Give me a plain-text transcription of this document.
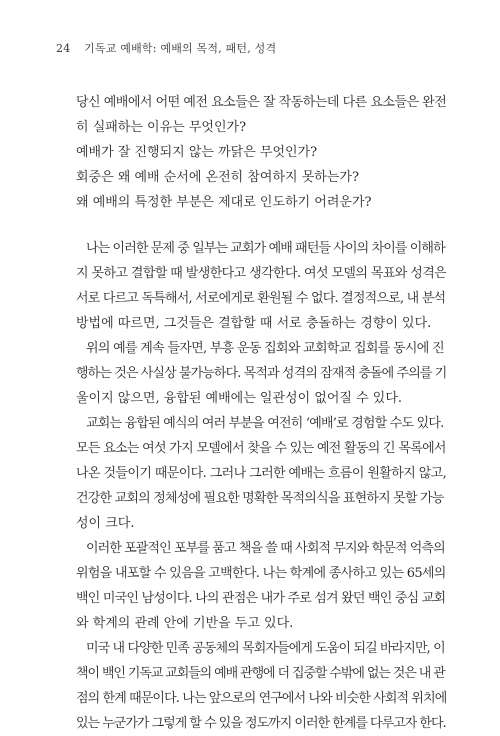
24 기독교 예배학: 예배의 목적, 패턴, 성격

당신 예배에서 어떤 예전 요소들은 잘 작동하는데 다른 요소들은 완전

히 실패하는 이유는 무엇인가?

예배가 잘 진행되지 않는 까닭은 무엇인가?

회중은 왜 예배 순서에 온전히 참여하지 못하는가?

왜 예배의 특정한 부분은 제대로 인도하기 어려운가?

나는 이러한 문제 중 일부는 교회가 예배 패턴들 사이의 차이를 이해하

지 못하고 결합할 때 발생한다고 생각한다. 여섯 모델의 목표와 성격은

서로 다르고 독특해서, 서로에게로 환원될 수 없다. 결정적으로, 내 분석

방법에 따르면, 그것들은 결합할 때 서로 충돌하는 경향이 있다.

위의 예를 계속 들자면, 부흥 운동 집회와 교회학교 집회를 동시에 진

행하는 것은 사실상 불가능하다. 목적과 성격의 잠재적 충돌에 주의를 기

울이지 않으면, 융합된 예배에는 일관성이 없어질 수 있다.

교회는 융합된 예식의 여러 부분을 여전히 ‘예배’로 경험할 수도 있다.

모든 요소는 여섯 가지 모델에서 찾을 수 있는 예전 활동의 긴 목록에서

나온 것들이기 때문이다. 그러나 그러한 예배는 흐름이 원활하지 않고,

건강한 교회의 정체성에 필요한 명확한 목적의식을 표현하지 못할 가능

성이 크다.

이러한 포괄적인 포부를 품고 책을 쓸 때 사회적 무지와 학문적 억측의

위험을 내포할 수 있음을 고백한다. 나는 학계에 종사하고 있는 65세의

백인 미국인 남성이다. 나의 관점은 내가 주로 섬겨 왔던 백인 중심 교회

와 학계의 관례 안에 기반을 두고 있다.

미국 내 다양한 민족 공동체의 목회자들에게 도움이 되길 바라지만, 이

책이 백인 기독교 교회들의 예배 관행에 더 집중할 수밖에 없는 것은 내 관

점의 한계 때문이다. 나는 앞으로의 연구에서 나와 비슷한 사회적 위치에

있는 누군가가 그렇게 할 수 있을 정도까지 이러한 한계를 다루고자 한다.
